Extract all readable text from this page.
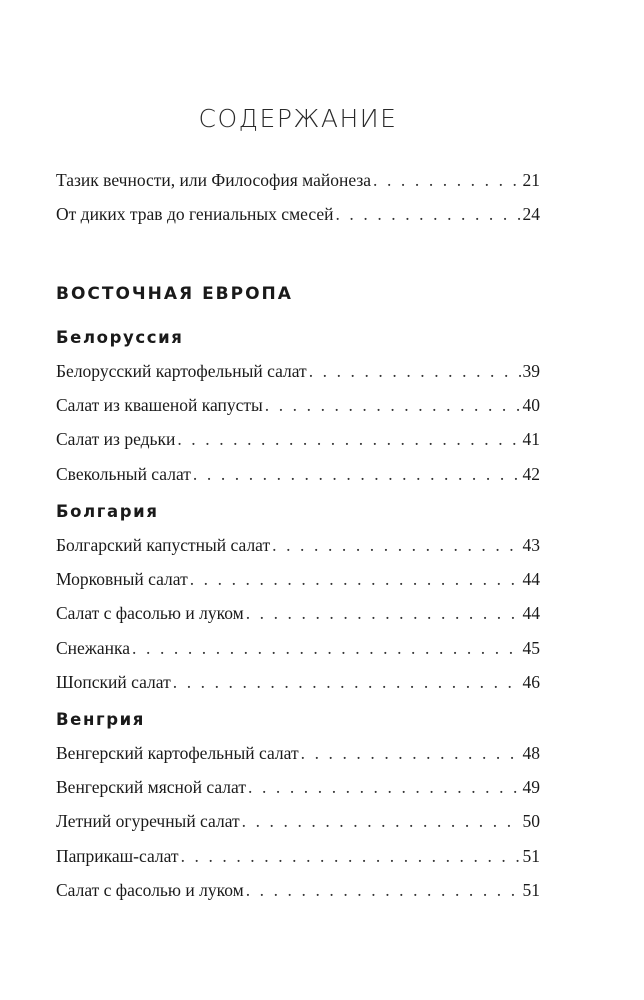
СОДЕРЖАНИЕ
Тазик вечности, или Философия майонеза . . .	21
От диких трав до гениальных смесей . . .	24
ВОСТОЧНАЯ ЕВРОПА
Белоруссия
Белорусский картофельный салат . . .	39
Салат из квашеной капусты . . .	40
Салат из редьки . . .	41
Свекольный салат . . .	42
Болгария
Болгарский капустный салат . . .	43
Морковный салат . . .	44
Салат с фасолью и луком . . .	44
Снежанка . . .	45
Шопский салат . . .	46
Венгрия
Венгерский картофельный салат . . .	48
Венгерский мясной салат . . .	49
Летний огуречный салат . . .	50
Паприкаш-салат . . .	51
Салат с фасолью и луком . . .	51
